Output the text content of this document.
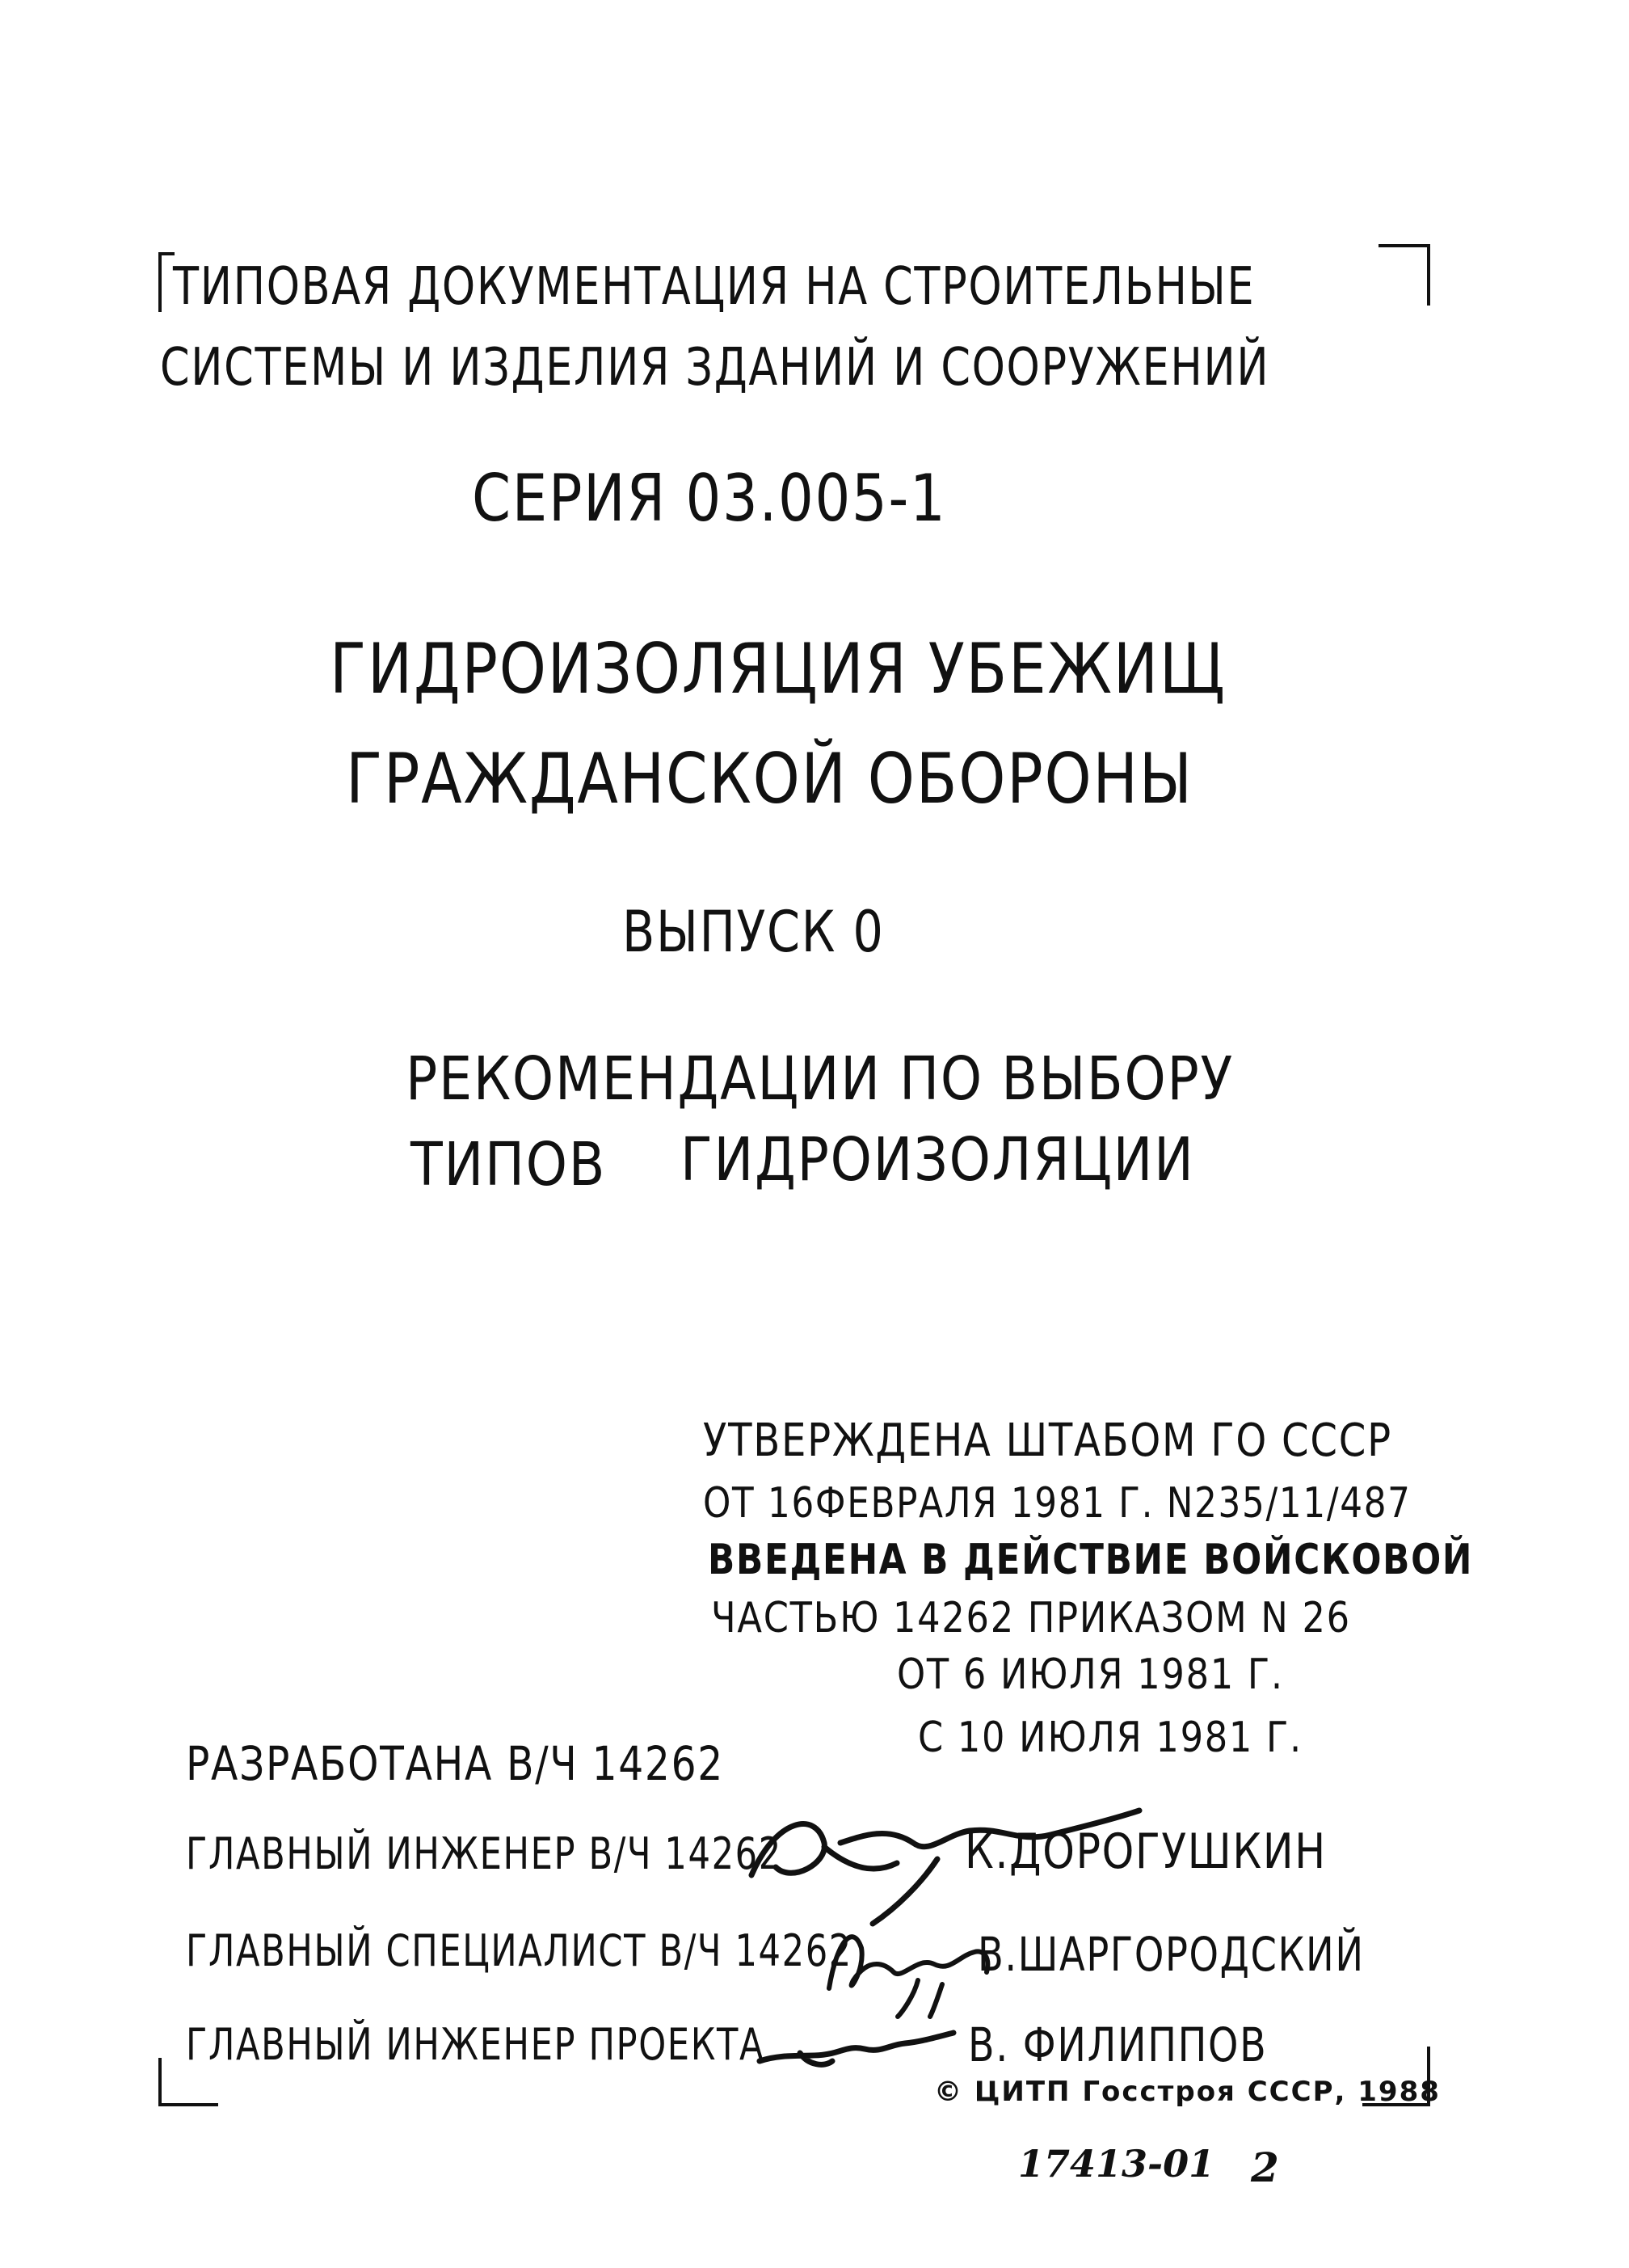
ТИПОВАЯ ДОКУМЕНТАЦИЯ НА СТРОИТЕЛЬНЫЕ
СИСТЕМЫ И ИЗДЕЛИЯ ЗДАНИЙ И СООРУЖЕНИЙ
СЕРИЯ 03.005-1
ГИДРОИЗОЛЯЦИЯ УБЕЖИЩ
ГРАЖДАНСКОЙ ОБОРОНЫ
ВЫПУСК 0
РЕКОМЕНДАЦИИ ПО ВЫБОРУ
ТИПОВ ГИДРОИЗОЛЯЦИИ
УТВЕРЖДЕНА ШТАБОМ ГО СССР
ОТ 16ФЕВРАЛЯ 1981 Г. N235/11/487
ВВЕДЕНА В ДЕЙСТВИЕ ВОЙСКОВОЙ
ЧАСТЬЮ 14262 ПРИКАЗОМ N 26
ОТ 6 ИЮЛЯ 1981 Г.
С 10 ИЮЛЯ 1981 Г.
РАЗРАБОТАНА В/Ч 14262
ГЛАВНЫЙ ИНЖЕНЕР В/Ч 14262	К.ДОРОГУШКИН
ГЛАВНЫЙ СПЕЦИАЛИСТ В/Ч 14262	В.ШАРГОРОДСКИЙ
ГЛАВНЫЙ ИНЖЕНЕР ПРОЕКТА	В. ФИЛИППОВ
© ЦИТП Госстроя СССР, 1988
17413-01 2
